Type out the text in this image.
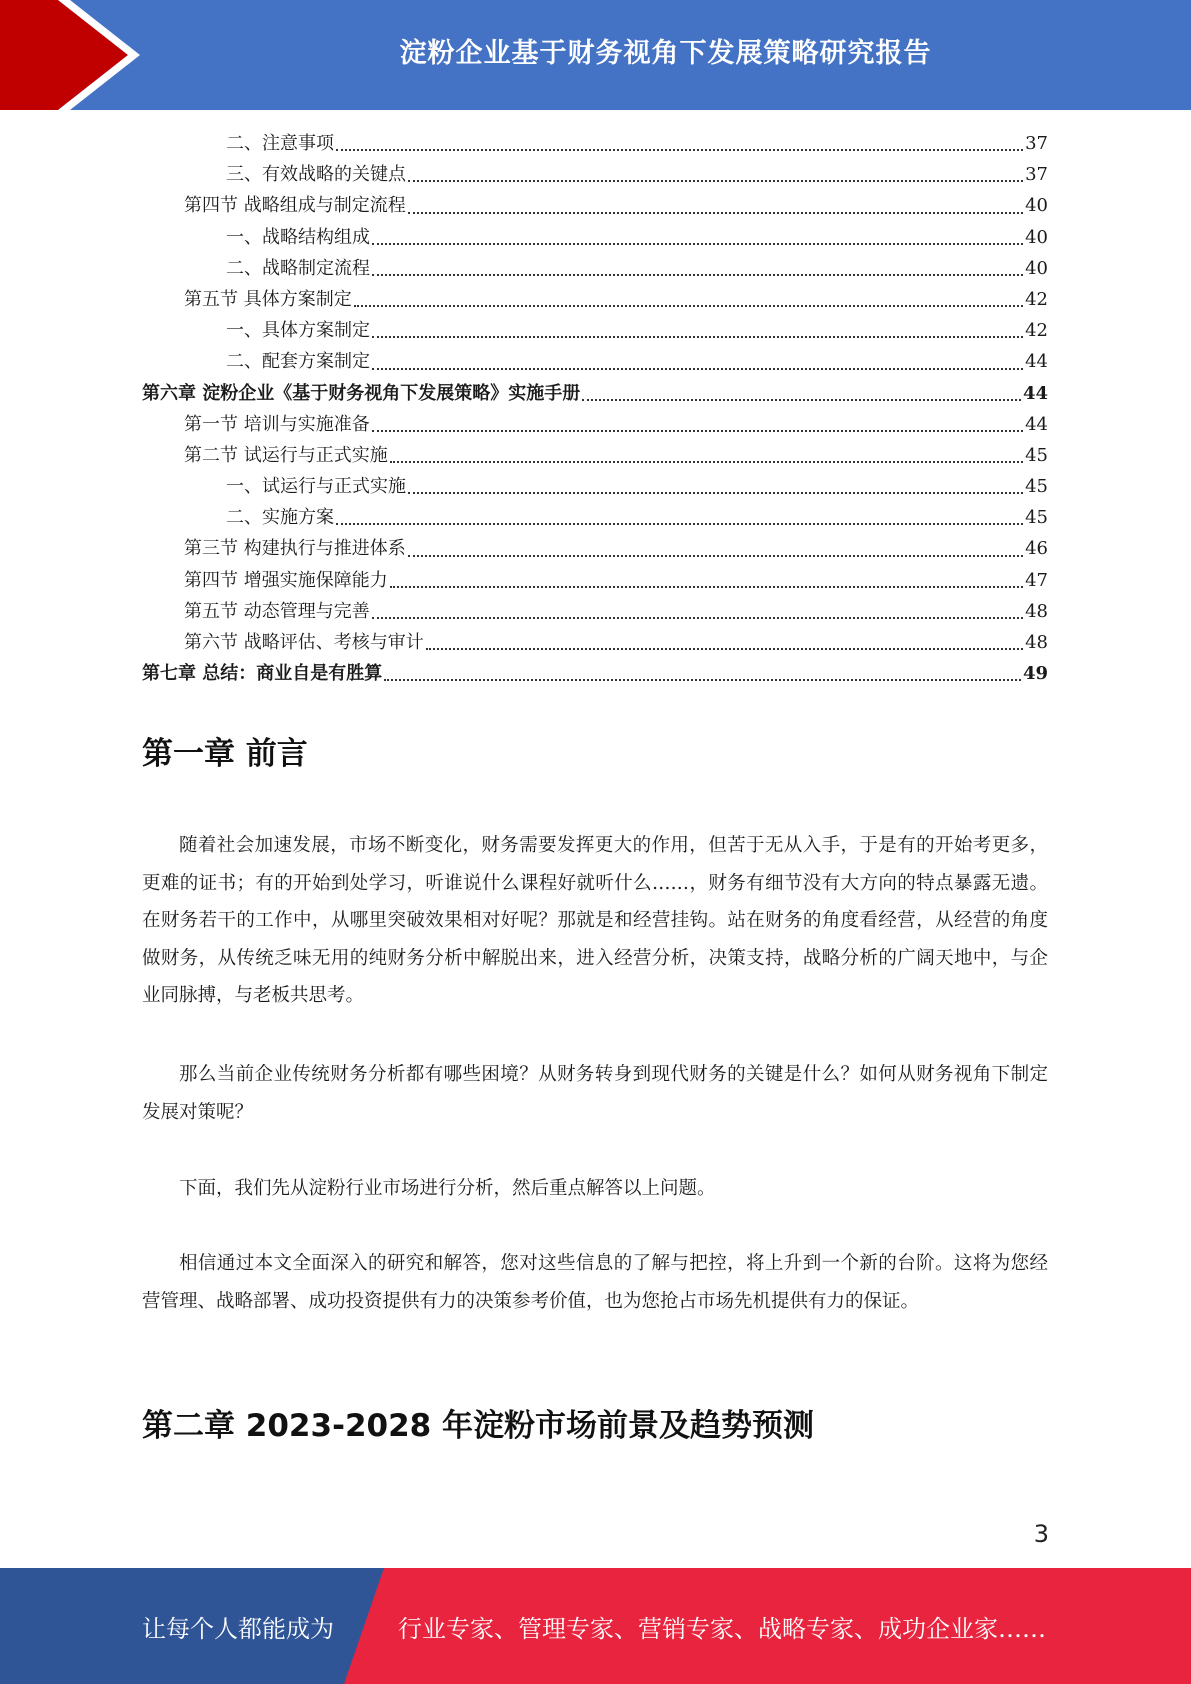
淀粉企业基于财务视角下发展策略研究报告
二、注意事项	37
三、有效战略的关键点	37
第四节 战略组成与制定流程	40
一、战略结构组成	40
二、战略制定流程	40
第五节 具体方案制定	42
一、具体方案制定	42
二、配套方案制定	44
第六章 淀粉企业《基于财务视角下发展策略》实施手册	44
第一节 培训与实施准备	44
第二节 试运行与正式实施	45
一、试运行与正式实施	45
二、实施方案	45
第三节 构建执行与推进体系	46
第四节 增强实施保障能力	47
第五节 动态管理与完善	48
第六节 战略评估、考核与审计	48
第七章 总结：商业自是有胜算	49
第一章 前言

随着社会加速发展，市场不断变化，财务需要发挥更大的作用，但苦于无从入手，于是有的开始考更多，更难的证书；有的开始到处学习，听谁说什么课程好就听什么……，财务有细节没有大方向的特点暴露无遗。在财务若干的工作中，从哪里突破效果相对好呢？那就是和经营挂钩。站在财务的角度看经营，从经营的角度做财务，从传统乏味无用的纯财务分析中解脱出来，进入经营分析，决策支持，战略分析的广阔天地中，与企业同脉搏，与老板共思考。

那么当前企业传统财务分析都有哪些困境？从财务转身到现代财务的关键是什么？如何从财务视角下制定发展对策呢？

下面，我们先从淀粉行业市场进行分析，然后重点解答以上问题。

相信通过本文全面深入的研究和解答，您对这些信息的了解与把控，将上升到一个新的台阶。这将为您经营管理、战略部署、成功投资提供有力的决策参考价值，也为您抢占市场先机提供有力的保证。

第二章 2023-2028 年淀粉市场前景及趋势预测
3
让每个人都能成为	行业专家、管理专家、营销专家、战略专家、成功企业家……
